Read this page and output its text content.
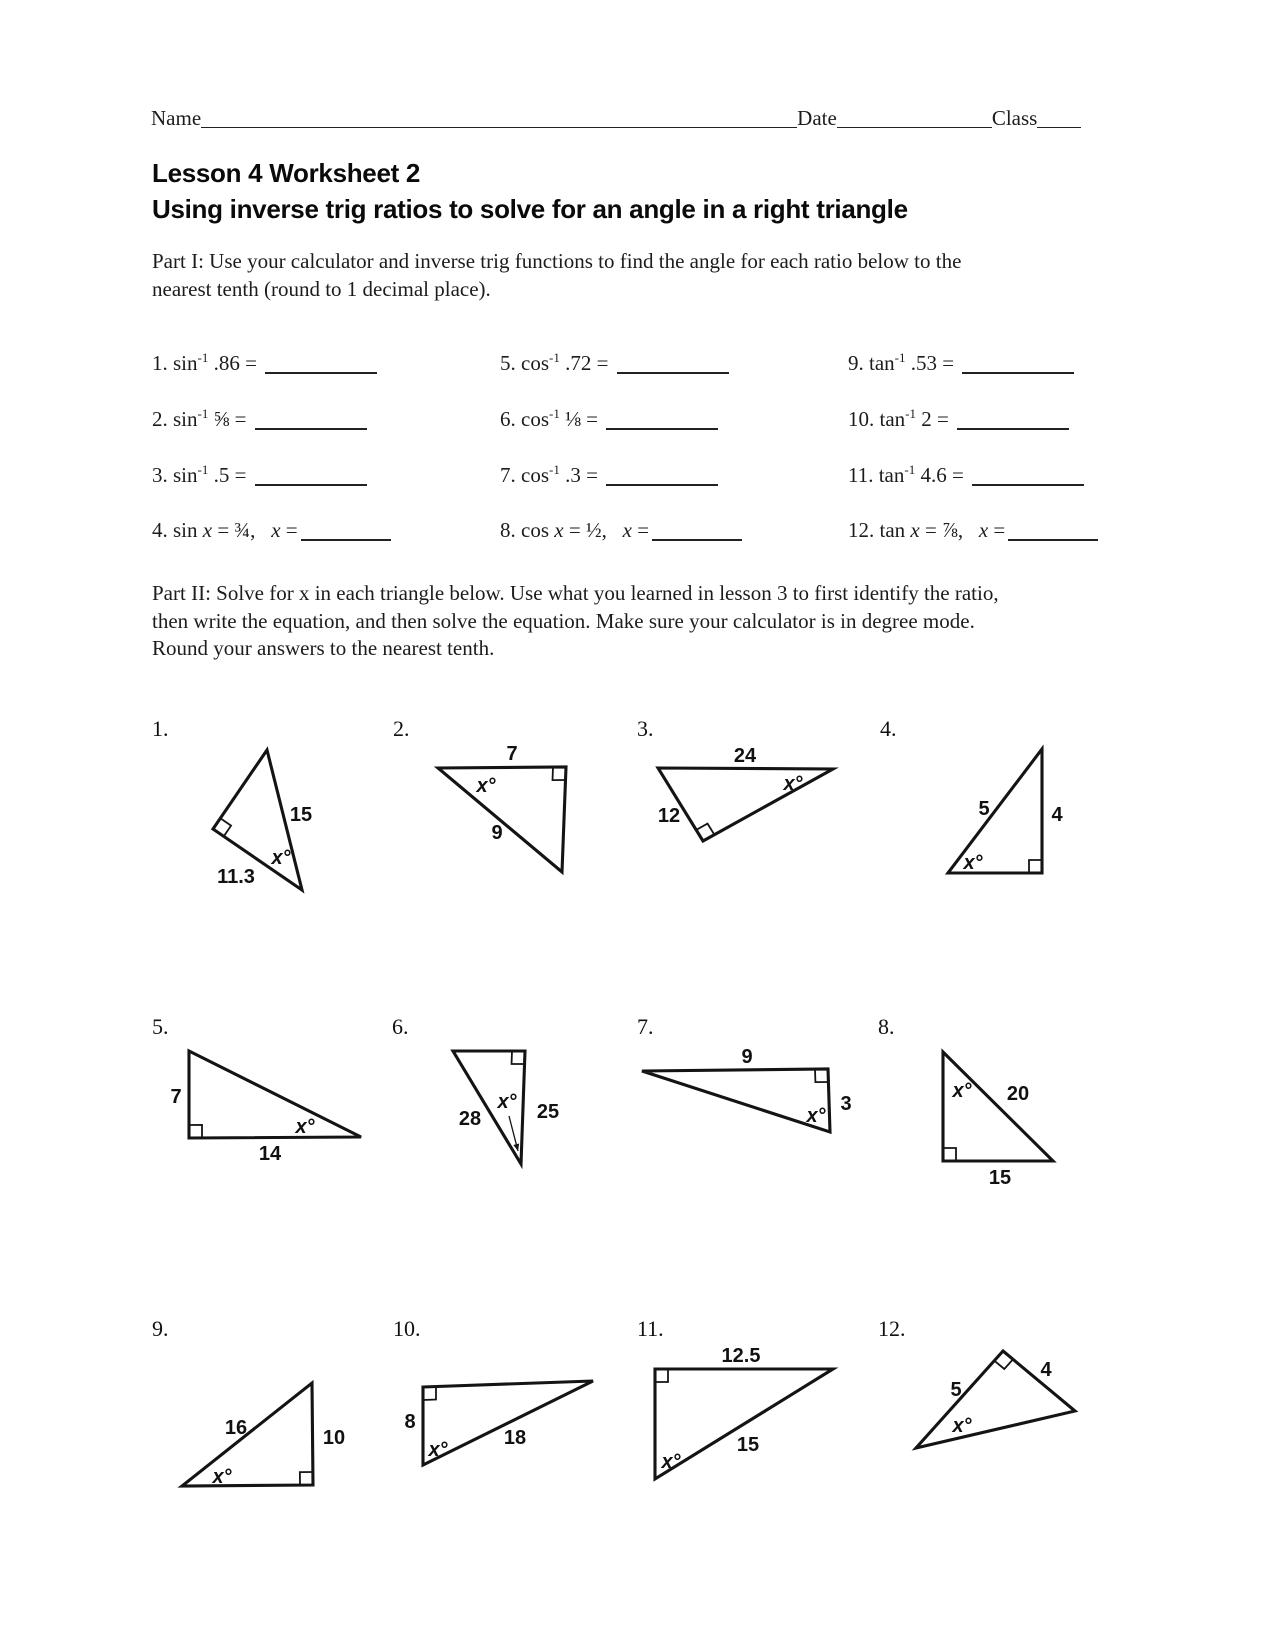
Name	Date	Class
Lesson 4 Worksheet 2
Using inverse trig ratios to solve for an angle in a right triangle
Part I: Use your calculator and inverse trig functions to find the angle for each ratio below to the
nearest tenth (round to 1 decimal place).
1. $\sin^{-1} .86$ =
2. $\sin^{-1}$ ⅝ =
3. $\sin^{-1} .5$ =
4. sin x = ¾,   x =
5. $\cos^{-1} .72$ =
6. $\cos^{-1}$ ⅛ =
7. $\cos^{-1} .3$ =
8. cos x = ½,   x =
9. $\tan^{-1} .53$ =
10. $\tan^{-1} 2$ =
11. $\tan^{-1} 4.6$ =
12. tan x = ⅞,   x =
Part II: Solve for x in each triangle below. Use what you learned in lesson 3 to first identify the ratio,
then write the equation, and then solve the equation. Make sure your calculator is in degree mode.
Round your answers to the nearest tenth.
1.
15
x°
11.3
2.
7
x°
9
3.
24
12
x°
4.
5	4
x°
5.
7
14
x°
6.
28	25
x°
7.
9
3
x°
8.
x° 20
15
9.
16	10
x°
10.
8
18
x°
11.
12.5
15
x°
12.
5
4
x°
